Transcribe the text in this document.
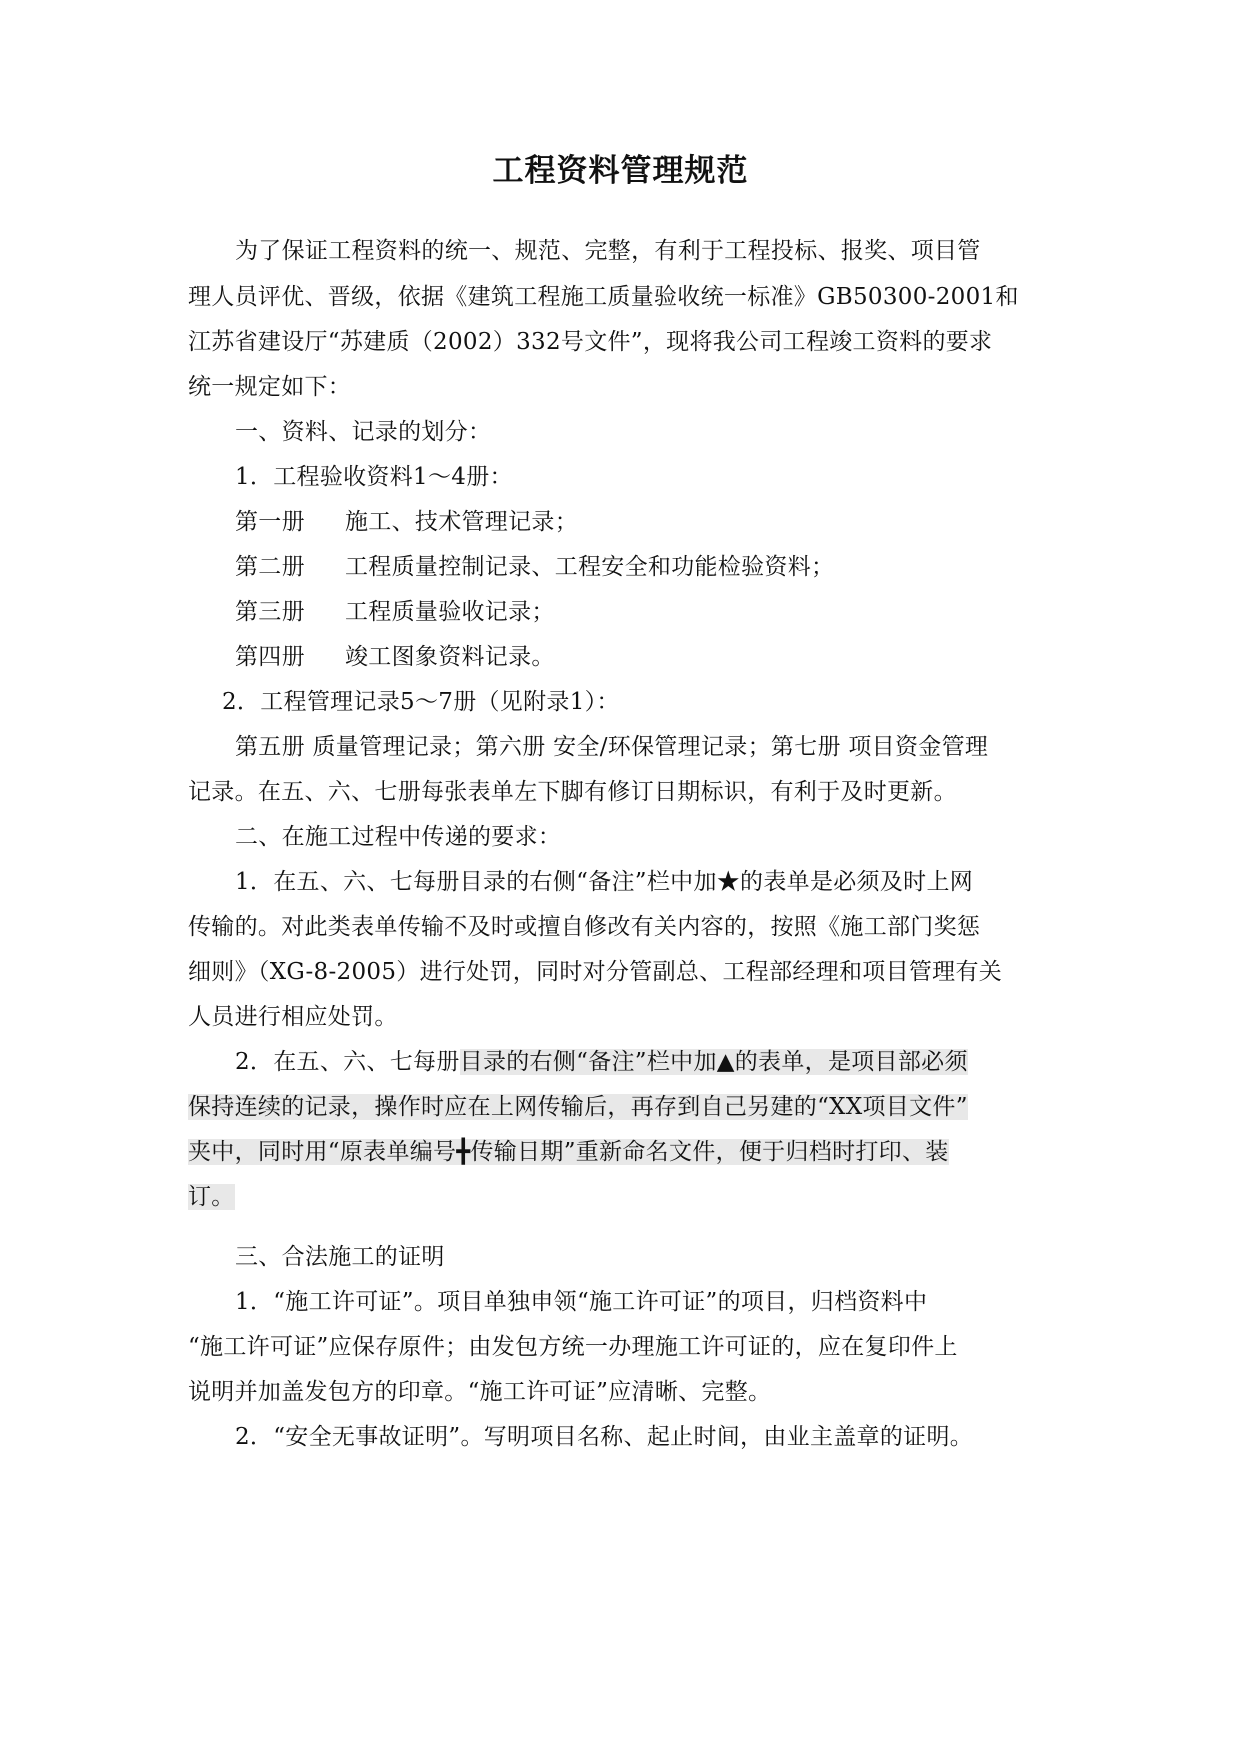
工程资料管理规范
为了保证工程资料的统一、规范、完整，有利于工程投标、报奖、项目管
理人员评优、晋级，依据《建筑工程施工质量验收统一标准》GB50300-2001和
江苏省建设厅“苏建质（2002）332号文件”，现将我公司工程竣工资料的要求
统一规定如下：
一、资料、记录的划分：
1．工程验收资料1～4册：
第一册 施工、技术管理记录；
第二册 工程质量控制记录、工程安全和功能检验资料；
第三册 工程质量验收记录；
第四册 竣工图象资料记录。
2．工程管理记录5～7册（见附录1）：
第五册 质量管理记录；第六册 安全/环保管理记录；第七册 项目资金管理
记录。在五、六、七册每张表单左下脚有修订日期标识，有利于及时更新。
二、在施工过程中传递的要求：
1．在五、六、七每册目录的右侧“备注”栏中加★的表单是必须及时上网
传输的。对此类表单传输不及时或擅自修改有关内容的，按照《施工部门奖惩
细则》（XG-8-2005）进行处罚，同时对分管副总、工程部经理和项目管理有关
人员进行相应处罚。
2．在五、六、七每册目录的右侧“备注”栏中加▲的表单，是项目部必须
保持连续的记录，操作时应在上网传输后，再存到自己另建的“XX项目文件”
夹中，同时用“原表单编号╋传输日期”重新命名文件，便于归档时打印、装
订。
三、合法施工的证明
1．“施工许可证”。项目单独申领“施工许可证”的项目，归档资料中
“施工许可证”应保存原件；由发包方统一办理施工许可证的，应在复印件上
说明并加盖发包方的印章。“施工许可证”应清晰、完整。
2．“安全无事故证明”。写明项目名称、起止时间，由业主盖章的证明。
